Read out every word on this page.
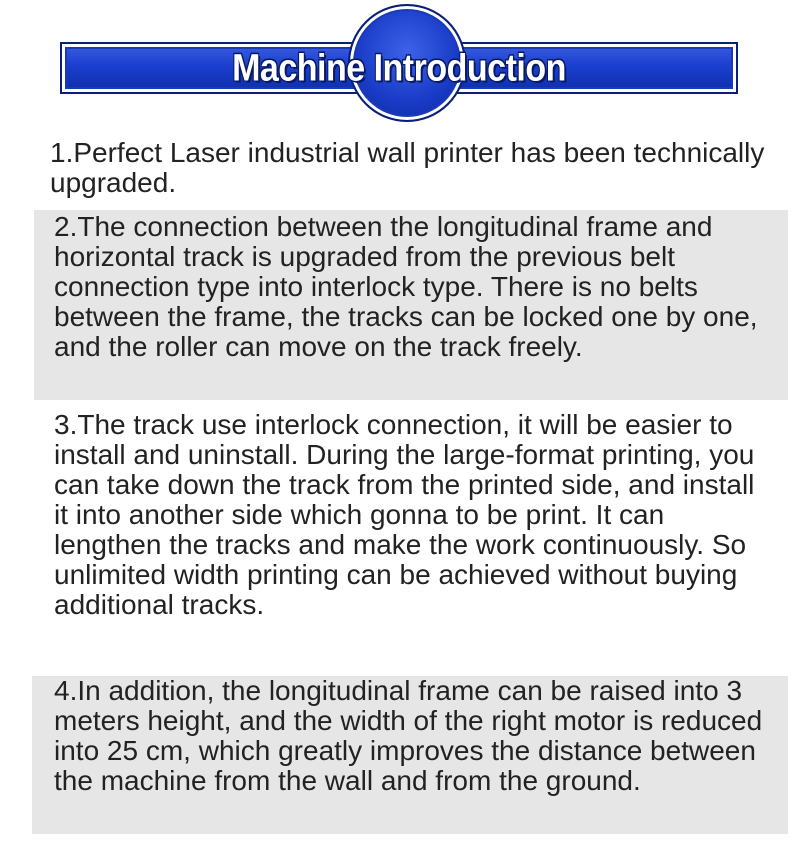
Machine Introduction

1.Perfect Laser industrial wall printer has been technically upgraded.

2.The connection between the longitudinal frame and horizontal track is upgraded from the previous belt connection type into interlock type. There is no belts between the frame, the tracks can be locked one by one, and the roller can move on the track freely.

3.The track use interlock connection, it will be easier to install and uninstall. During the large-format printing, you can take down the track from the printed side, and install it into another side which gonna to be print. It can lengthen the tracks and make the work continuously. So unlimited width printing can be achieved without buying additional tracks.

4.In addition, the longitudinal frame can be raised into 3 meters height, and the width of the right motor is reduced into 25 cm, which greatly improves the distance between the machine from the wall and from the ground.
